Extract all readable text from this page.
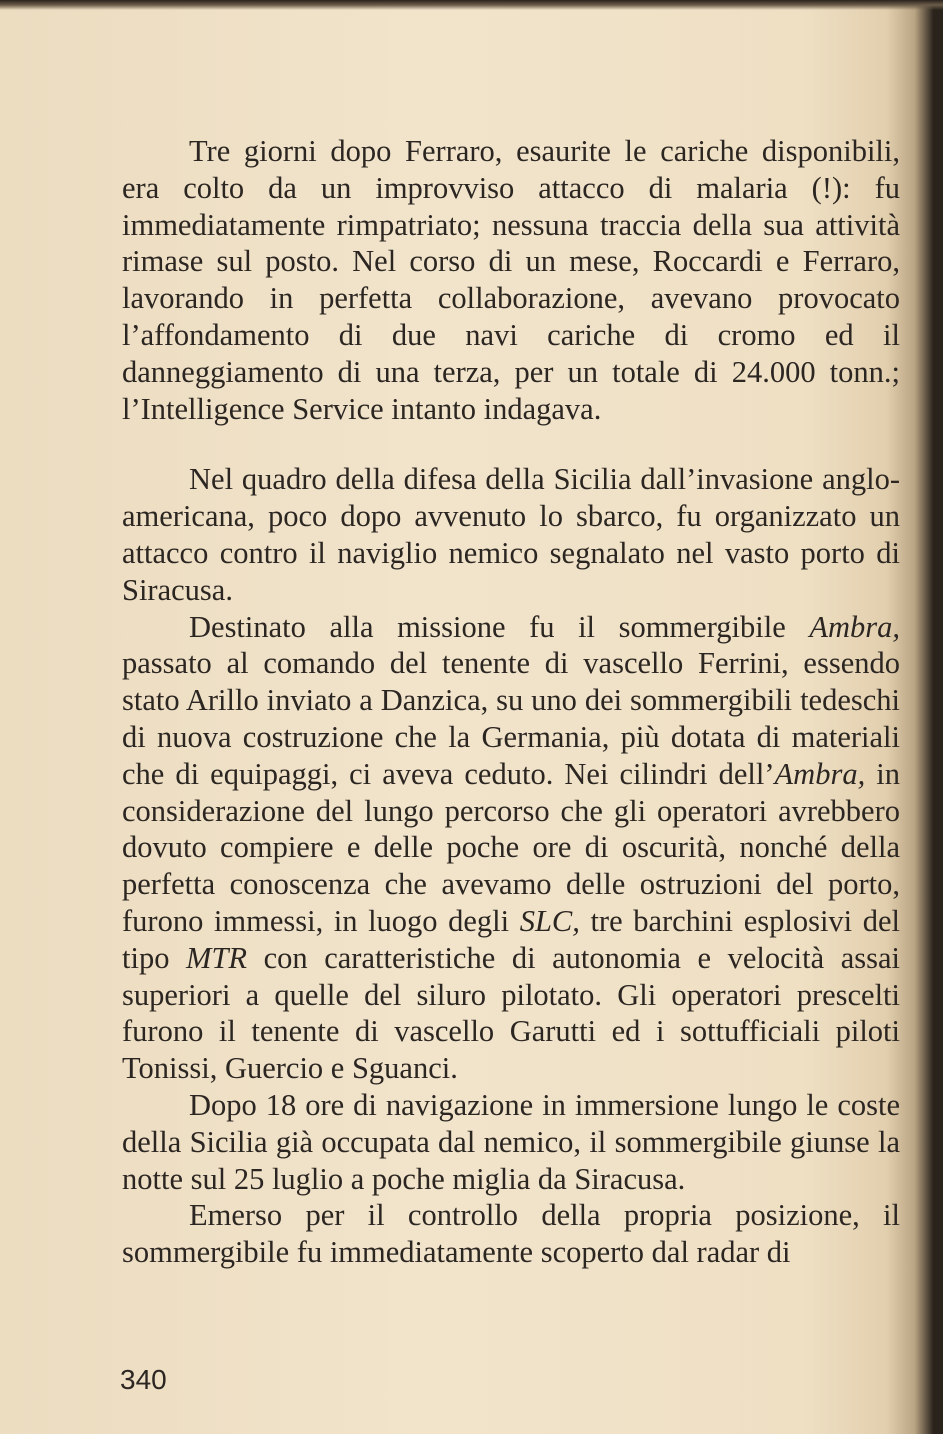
Tre giorni dopo Ferraro, esaurite le cariche disponibili, era colto da un improvviso attacco di malaria (!): fu immediatamente rimpatriato; nessuna traccia della sua attività rimase sul posto. Nel corso di un mese, Roccardi e Ferraro, lavorando in perfetta collaborazione, avevano provocato l’affondamento di due navi cariche di cromo ed il danneggiamento di una terza, per un totale di 24.000 tonn.; l’Intelligence Service intanto indagava.

Nel quadro della difesa della Sicilia dall’invasione anglo-americana, poco dopo avvenuto lo sbarco, fu organizzato un attacco contro il naviglio nemico segnalato nel vasto porto di Siracusa.

Destinato alla missione fu il sommergibile Ambra, passato al comando del tenente di vascello Ferrini, essendo stato Arillo inviato a Danzica, su uno dei sommergibili tedeschi di nuova costruzione che la Germania, più dotata di materiali che di equipaggi, ci aveva ceduto. Nei cilindri dell’Ambra, in considerazione del lungo percorso che gli operatori avrebbero dovuto compiere e delle poche ore di oscurità, nonché della perfetta conoscenza che avevamo delle ostruzioni del porto, furono immessi, in luogo degli SLC, tre barchini esplosivi del tipo MTR con caratteristiche di autonomia e velocità assai superiori a quelle del siluro pilotato. Gli operatori prescelti furono il tenente di vascello Garutti ed i sottufficiali piloti Tonissi, Guercio e Sguanci.

Dopo 18 ore di navigazione in immersione lungo le coste della Sicilia già occupata dal nemico, il sommergibile giunse la notte sul 25 luglio a poche miglia da Siracusa.

Emerso per il controllo della propria posizione, il sommergibile fu immediatamente scoperto dal radar di

340
